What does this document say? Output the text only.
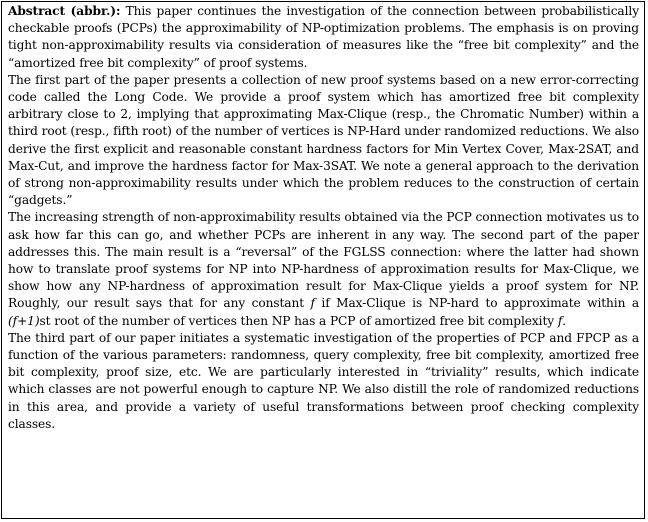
Abstract (abbr.): This paper continues the investigation of the connection between probabilistically checkable proofs (PCPs) the approximability of NP-optimization problems. The emphasis is on proving tight non-approximability results via consideration of measures like the “free bit complexity” and the “amortized free bit complexity” of proof systems.

The first part of the paper presents a collection of new proof systems based on a new error-correcting code called the Long Code. We provide a proof system which has amortized free bit complexity arbitrary close to 2, implying that approximating Max-Clique (resp., the Chromatic Number) within a third root (resp., fifth root) of the number of vertices is NP-Hard under randomized reductions. We also derive the first explicit and reasonable constant hardness factors for Min Vertex Cover, Max-2SAT, and Max-Cut, and improve the hardness factor for Max-3SAT. We note a general approach to the derivation of strong non-approximability results under which the problem reduces to the construction of certain “gadgets.”

The increasing strength of non-approximability results obtained via the PCP connection motivates us to ask how far this can go, and whether PCPs are inherent in any way. The second part of the paper addresses this. The main result is a “reversal” of the FGLSS connection: where the latter had shown how to translate proof systems for NP into NP-hardness of approximation results for Max-Clique, we show how any NP-hardness of approximation result for Max-Clique yields a proof system for NP. Roughly, our result says that for any constant f if Max-Clique is NP-hard to approximate within a (f+1)st root of the number of vertices then NP has a PCP of amortized free bit complexity f.

The third part of our paper initiates a systematic investigation of the properties of PCP and FPCP as a function of the various parameters: randomness, query complexity, free bit complexity, amortized free bit complexity, proof size, etc. We are particularly interested in “triviality” results, which indicate which classes are not powerful enough to capture NP. We also distill the role of randomized reductions in this area, and provide a variety of useful transformations between proof checking complexity classes.
